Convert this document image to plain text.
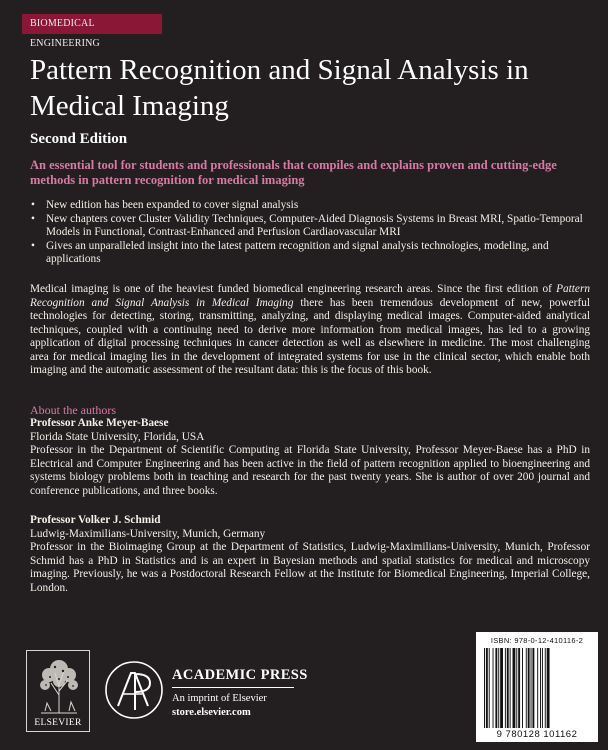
BIOMEDICAL ENGINEERING
Pattern Recognition and Signal Analysis in Medical Imaging
Second Edition
An essential tool for students and professionals that compiles and explains proven and cutting-edge methods in pattern recognition for medical imaging
• New edition has been expanded to cover signal analysis
• New chapters cover Cluster Validity Techniques, Computer-Aided Diagnosis Systems in Breast MRI, Spatio-Temporal Models in Functional, Contrast-Enhanced and Perfusion Cardiaovascular MRI
• Gives an unparalleled insight into the latest pattern recognition and signal analysis technologies, modeling, and applications

Medical imaging is one of the heaviest funded biomedical engineering research areas. Since the first edition of Pattern Recognition and Signal Analysis in Medical Imaging there has been tremendous development of new, powerful technologies for detecting, storing, transmitting, analyzing, and displaying medical images. Computer-aided analytical techniques, coupled with a continuing need to derive more information from medical images, has led to a growing application of digital processing techniques in cancer detection as well as elsewhere in medicine. The most challenging area for medical imaging lies in the development of integrated systems for use in the clinical sector, which enable both imaging and the automatic assessment of the resultant data: this is the focus of this book.

About the authors
Professor Anke Meyer-Baese
Florida State University, Florida, USA
Professor in the Department of Scientific Computing at Florida State University, Professor Meyer-Baese has a PhD in Electrical and Computer Engineering and has been active in the field of pattern recognition applied to bioengineering and systems biology problems both in teaching and research for the past twenty years. She is author of over 200 journal and conference publications, and three books.
Professor Volker J. Schmid
Ludwig-Maximilians-University, Munich, Germany
Professor in the Bioimaging Group at the Department of Statistics, Ludwig-Maximilians-University, Munich, Professor Schmid has a PhD in Statistics and is an expert in Bayesian methods and spatial statistics for medical and microscopy imaging. Previously, he was a Postdoctoral Research Fellow at the Institute for Biomedical Engineering, Imperial College, London.
ELSEVIER
ACADEMIC PRESS
An imprint of Elsevier
store.elsevier.com
ISBN: 978-0-12-410116-2
9 780128 101162
